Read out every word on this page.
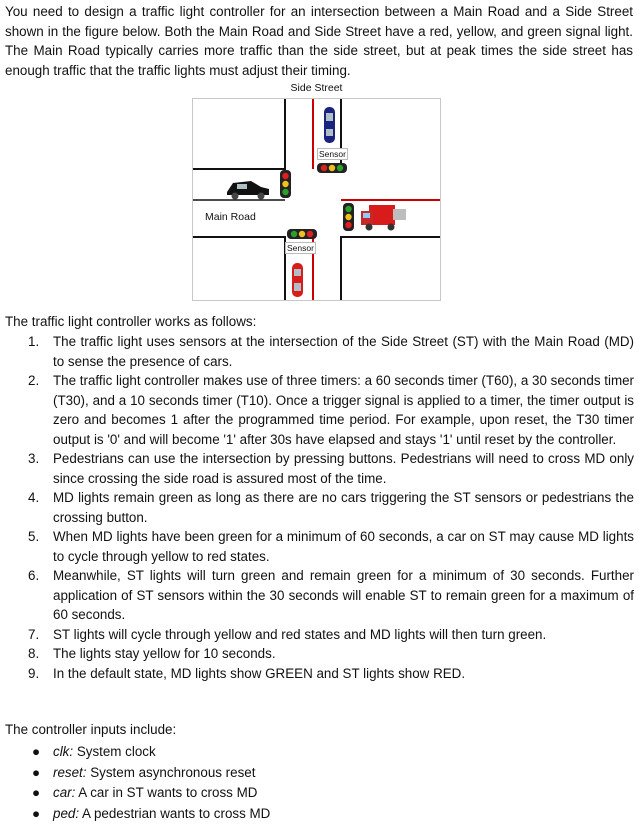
You need to design a traffic light controller for an intersection between a Main Road and a Side Street shown in the figure below. Both the Main Road and Side Street have a red, yellow, and green signal light. The Main Road typically carries more traffic than the side street, but at peak times the side street has enough traffic that the traffic lights must adjust their timing.

Side Street
Main Road
Sensor
Sensor

The traffic light controller works as follows:

1. The traffic light uses sensors at the intersection of the Side Street (ST) with the Main Road (MD) to sense the presence of cars.
2. The traffic light controller makes use of three timers: a 60 seconds timer (T60), a 30 seconds timer (T30), and a 10 seconds timer (T10). Once a trigger signal is applied to a timer, the timer output is zero and becomes 1 after the programmed time period. For example, upon reset, the T30 timer output is '0' and will become '1' after 30s have elapsed and stays '1' until reset by the controller.
3. Pedestrians can use the intersection by pressing buttons. Pedestrians will need to cross MD only since crossing the side road is assured most of the time.
4. MD lights remain green as long as there are no cars triggering the ST sensors or pedestrians the crossing button.
5. When MD lights have been green for a minimum of 60 seconds, a car on ST may cause MD lights to cycle through yellow to red states.
6. Meanwhile, ST lights will turn green and remain green for a minimum of 30 seconds. Further application of ST sensors within the 30 seconds will enable ST to remain green for a maximum of 60 seconds.
7. ST lights will cycle through yellow and red states and MD lights will then turn green.
8. The lights stay yellow for 10 seconds.
9. In the default state, MD lights show GREEN and ST lights show RED.

The controller inputs include:

● clk: System clock
● reset: System asynchronous reset
● car: A car in ST wants to cross MD
● ped: A pedestrian wants to cross MD
